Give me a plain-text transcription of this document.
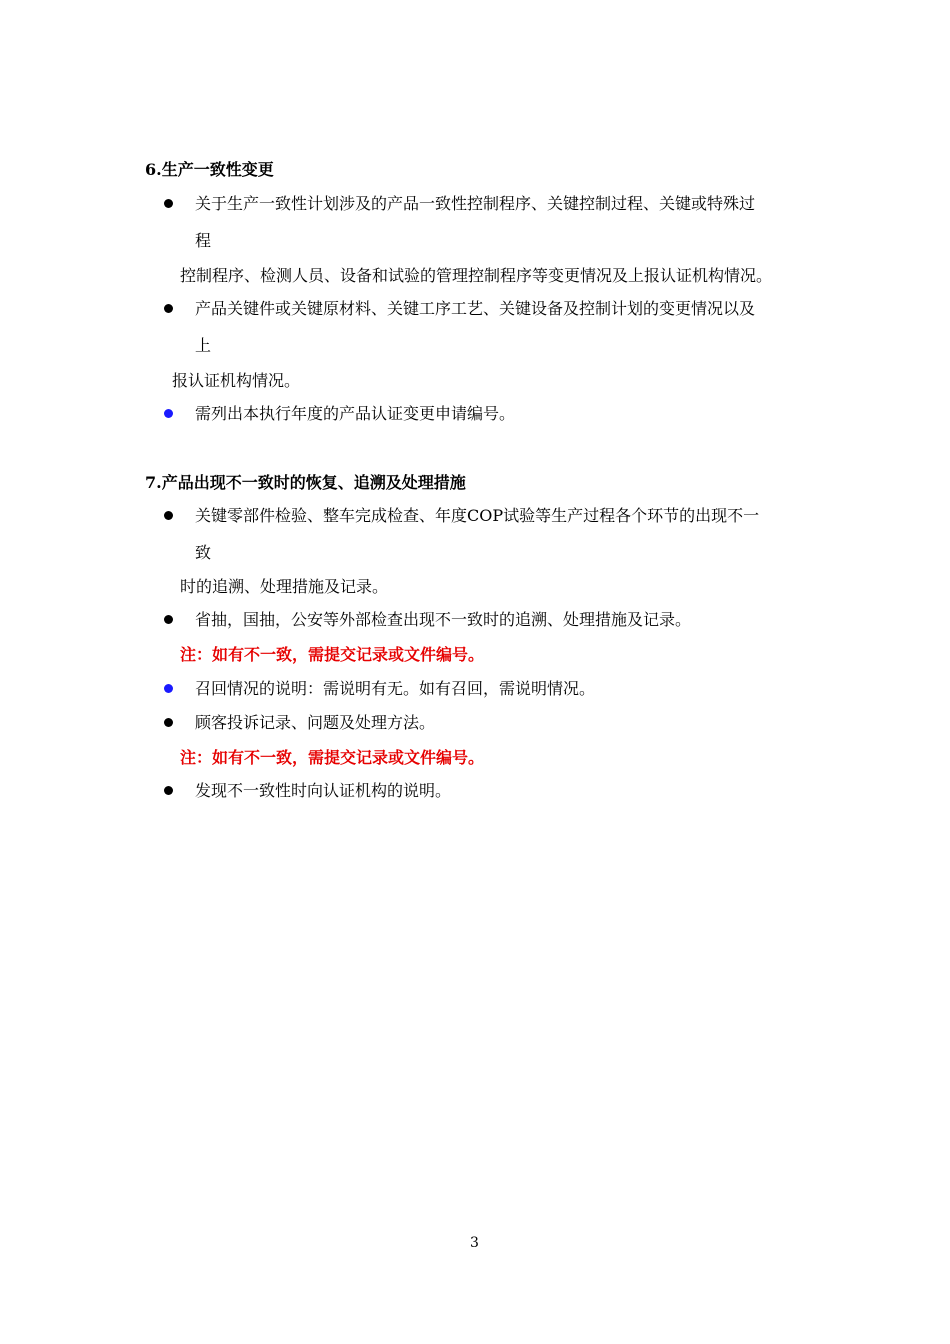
6.生产一致性变更
关于生产一致性计划涉及的产品一致性控制程序、关键控制过程、关键或特殊过
程
控制程序、检测人员、设备和试验的管理控制程序等变更情况及上报认证机构情况。
产品关键件或关键原材料、关键工序工艺、关键设备及控制计划的变更情况以及
上
报认证机构情况。
需列出本执行年度的产品认证变更申请编号。
7.产品出现不一致时的恢复、追溯及处理措施
关键零部件检验、整车完成检查、年度COP试验等生产过程各个环节的出现不一
致
时的追溯、处理措施及记录。
省抽，国抽，公安等外部检查出现不一致时的追溯、处理措施及记录。
注：如有不一致，需提交记录或文件编号。
召回情况的说明：需说明有无。如有召回，需说明情况。
顾客投诉记录、问题及处理方法。
注：如有不一致，需提交记录或文件编号。
发现不一致性时向认证机构的说明。
3
